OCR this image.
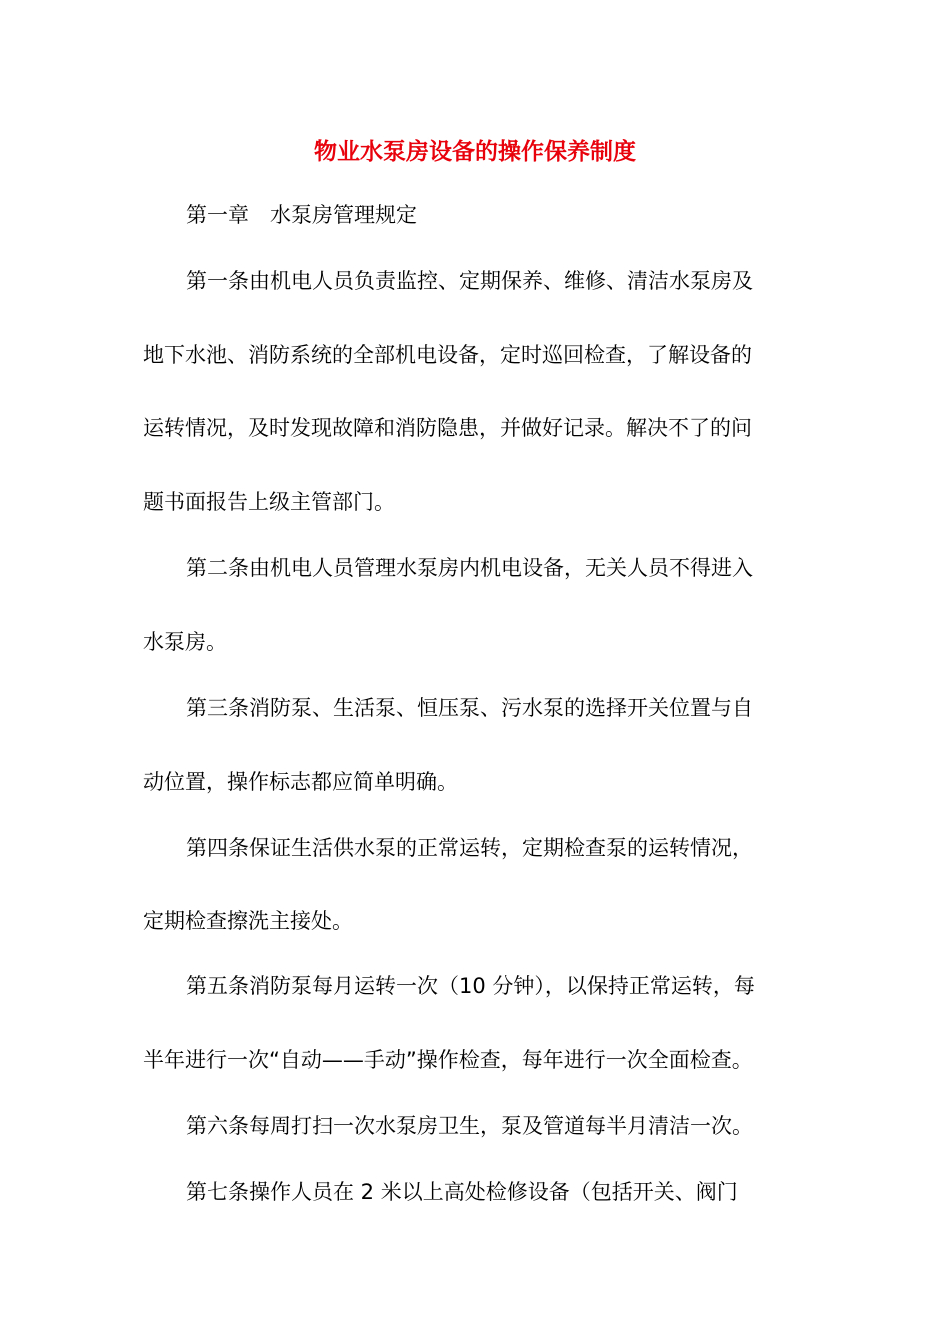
物业水泵房设备的操作保养制度
第一章　水泵房管理规定
第一条由机电人员负责监控、定期保养、维修、清洁水泵房及
地下水池、消防系统的全部机电设备，定时巡回检查，了解设备的
运转情况，及时发现故障和消防隐患，并做好记录。解决不了的问
题书面报告上级主管部门。
第二条由机电人员管理水泵房内机电设备，无关人员不得进入
水泵房。
第三条消防泵、生活泵、恒压泵、污水泵的选择开关位置与自
动位置，操作标志都应简单明确。
第四条保证生活供水泵的正常运转，定期检查泵的运转情况，
定期检查擦洗主接处。
第五条消防泵每月运转一次（10 分钟），以保持正常运转，每
半年进行一次“自动——手动”操作检查，每年进行一次全面检查。
第六条每周打扫一次水泵房卫生，泵及管道每半月清洁一次。
第七条操作人员在 2 米以上高处检修设备（包括开关、阀门
